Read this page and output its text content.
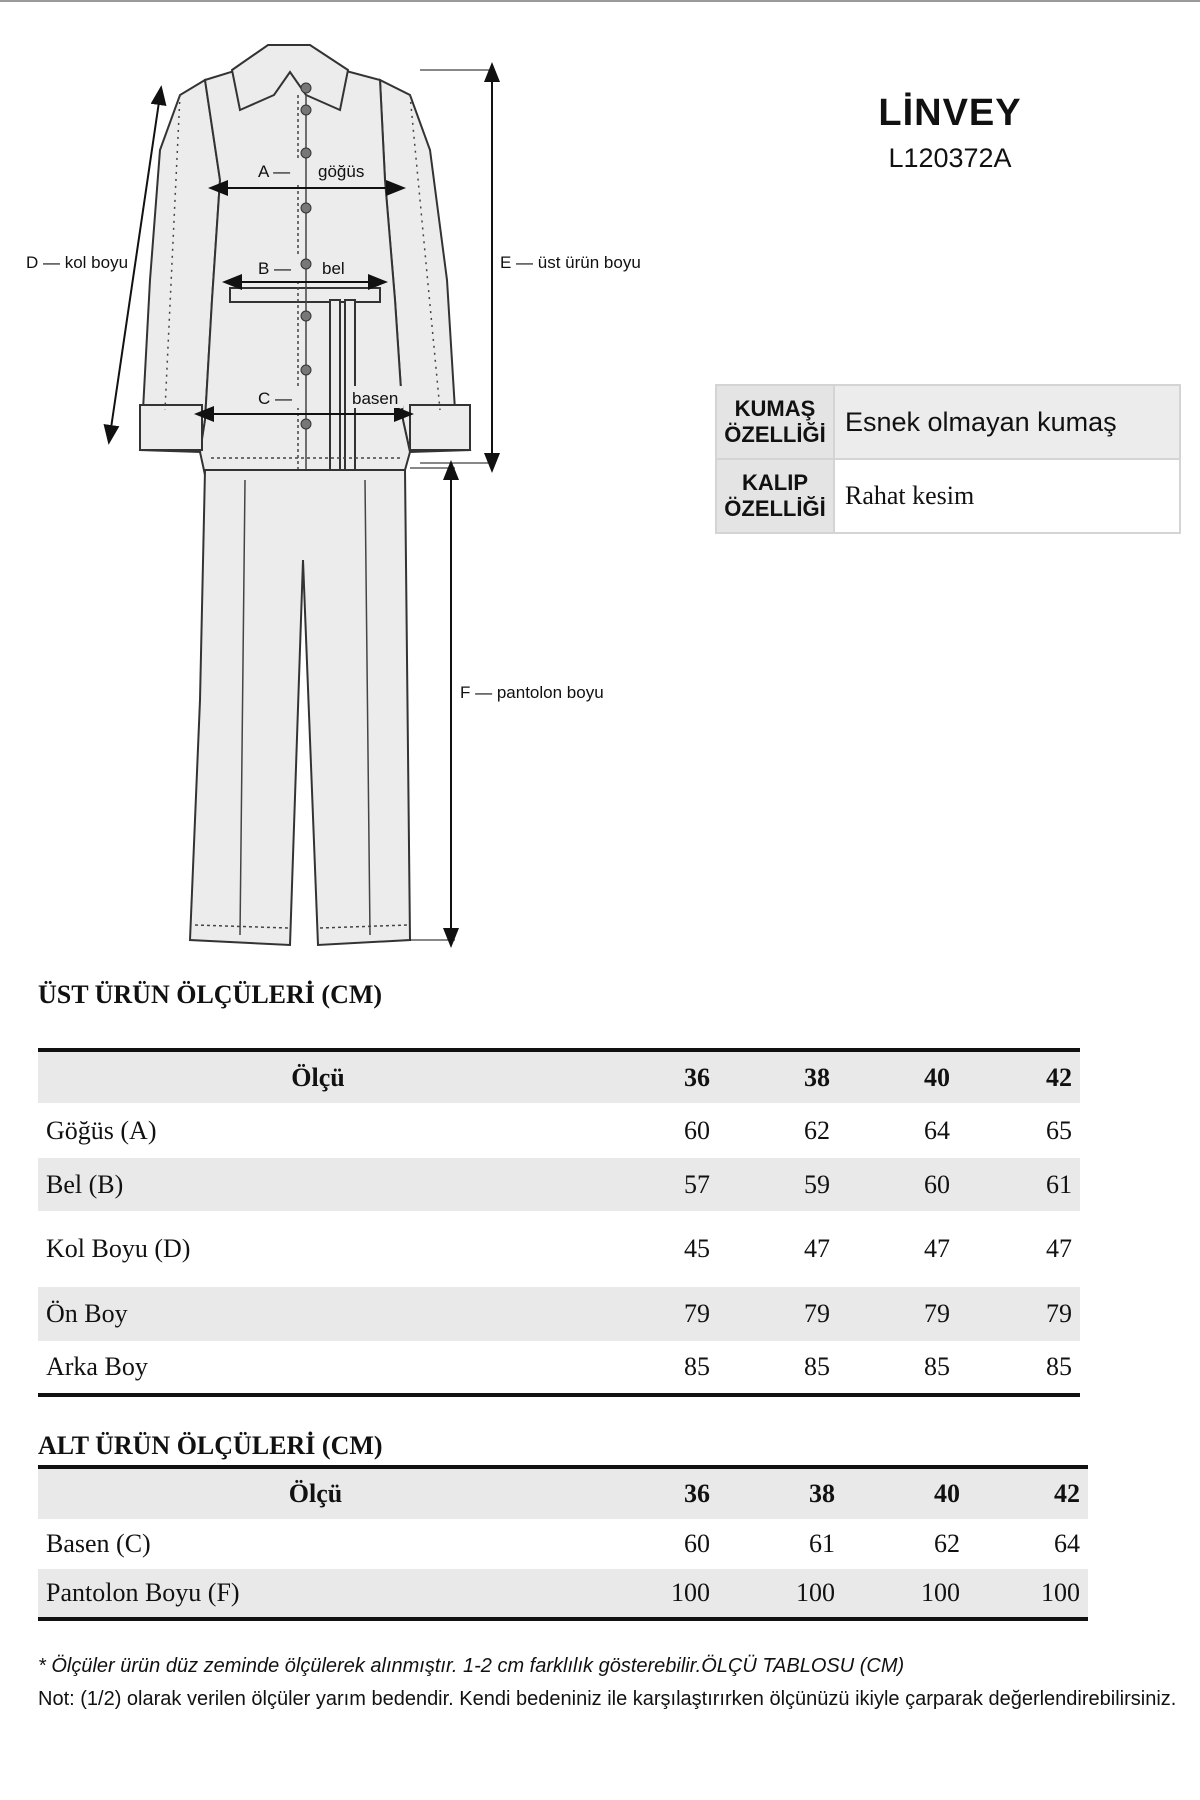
A — göğüs
B — bel
C —	basen
D — kol boyu	E — üst ürün boyu
F — pantolon boyu
LİNVEY
L120372A
KUMAŞ ÖZELLİĞİ	Esnek olmayan kumaş
KALIP ÖZELLİĞİ	Rahat kesim
ÜST ÜRÜN ÖLÇÜLERİ (CM)
Ölçü	36	38	40	42
Göğüs (A)	60	62	64	65
Bel (B)	57	59	60	61
Kol Boyu (D)	45	47	47	47
Ön Boy	79	79	79	79
Arka Boy	85	85	85	85
ALT ÜRÜN ÖLÇÜLERİ (CM)
Ölçü	36	38	40	42
Basen (C)	60	61	62	64
Pantolon Boyu (F)	100	100	100	100
* Ölçüler ürün düz zeminde ölçülerek alınmıştır. 1-2 cm farklılık gösterebilir.ÖLÇÜ TABLOSU (CM)
Not: (1/2) olarak verilen ölçüler yarım bedendir. Kendi bedeniniz ile karşılaştırırken ölçünüzü ikiyle çarparak değerlendirebilirsiniz.
